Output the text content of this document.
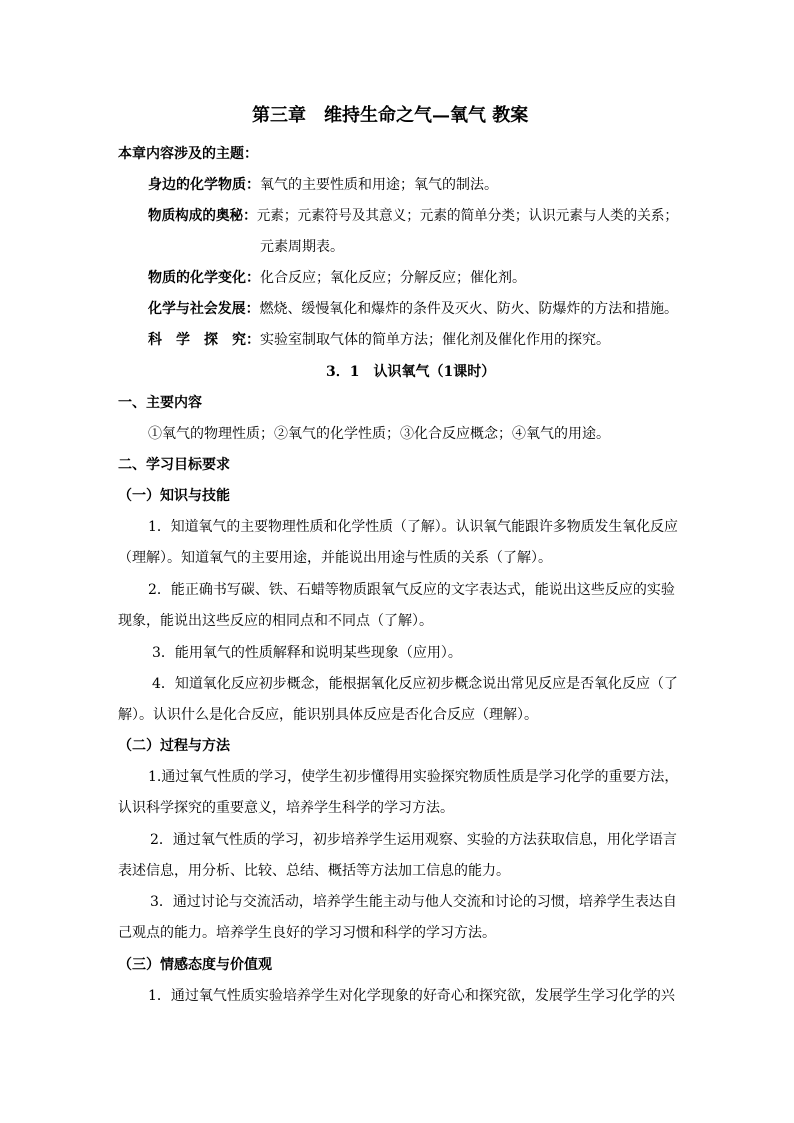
第三章　维持生命之气—氧气 教案
本章内容涉及的主题：
身边的化学物质：氧气的主要性质和用途；氧气的制法。
物质构成的奥秘：元素；元素符号及其意义；元素的简单分类；认识元素与人类的关系；
元素周期表。
物质的化学变化：化合反应；氧化反应；分解反应；催化剂。
化学与社会发展：燃烧、缓慢氧化和爆炸的条件及灭火、防火、防爆炸的方法和措施。
科　学　探　究：实验室制取气体的简单方法；催化剂及催化作用的探究。
3．1　认识氧气（1课时）
一、主要内容
①氧气的物理性质；②氧气的化学性质；③化合反应概念；④氧气的用途。
二、学习目标要求
（一）知识与技能
1．知道氧气的主要物理性质和化学性质（了解）。认识氧气能跟许多物质发生氧化反应
（理解）。知道氧气的主要用途，并能说出用途与性质的关系（了解）。
2．能正确书写碳、铁、石蜡等物质跟氧气反应的文字表达式，能说出这些反应的实验
现象，能说出这些反应的相同点和不同点（了解）。
3．能用氧气的性质解释和说明某些现象（应用）。
4．知道氧化反应初步概念，能根据氧化反应初步概念说出常见反应是否氧化反应（了
解）。认识什么是化合反应，能识别具体反应是否化合反应（理解）。
（二）过程与方法
1.通过氧气性质的学习，使学生初步懂得用实验探究物质性质是学习化学的重要方法，
认识科学探究的重要意义，培养学生科学的学习方法。
2．通过氧气性质的学习，初步培养学生运用观察、实验的方法获取信息，用化学语言
表述信息，用分析、比较、总结、概括等方法加工信息的能力。
3．通过讨论与交流活动，培养学生能主动与他人交流和讨论的习惯，培养学生表达自
己观点的能力。培养学生良好的学习习惯和科学的学习方法。
（三）情感态度与价值观
1．通过氧气性质实验培养学生对化学现象的好奇心和探究欲，发展学生学习化学的兴
